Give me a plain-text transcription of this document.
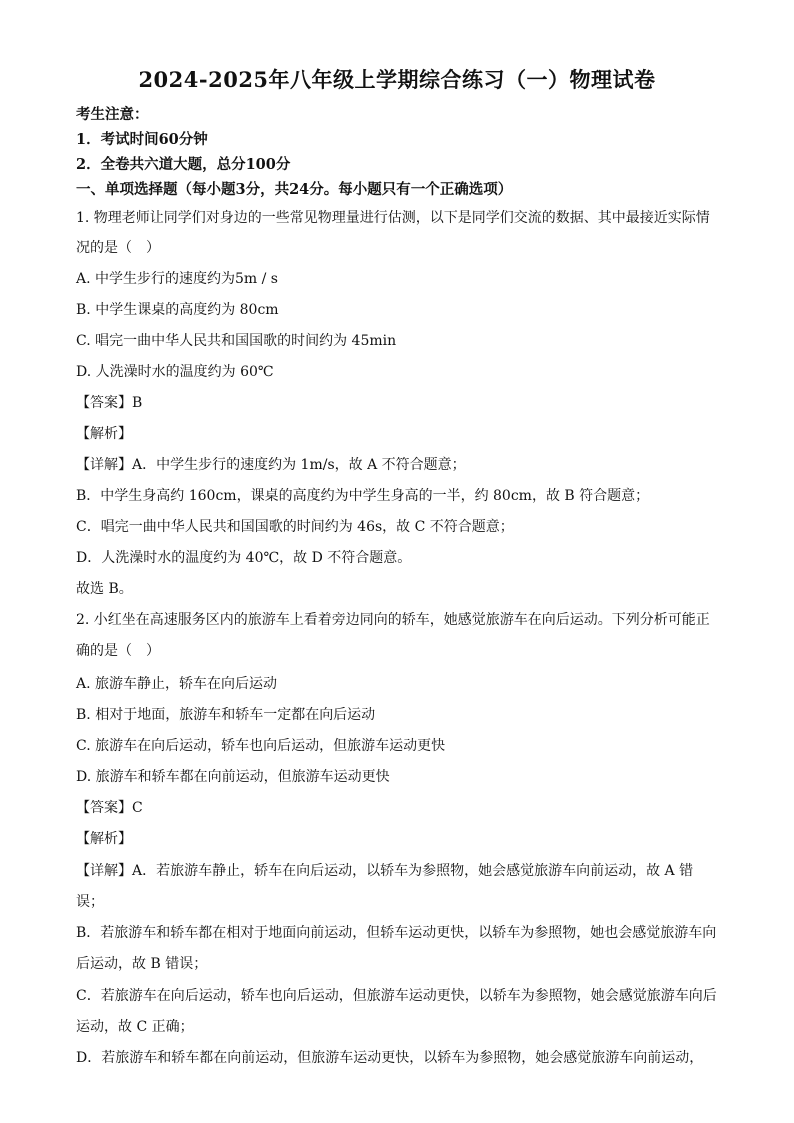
2024-2025年八年级上学期综合练习（一）物理试卷
考生注意：
1．考试时间60分钟
2．全卷共六道大题，总分100分
一、单项选择题（每小题3分，共24分。每小题只有一个正确选项）
1. 物理老师让同学们对身边的一些常见物理量进行估测，以下是同学们交流的数据、其中最接近实际情
况的是（　）
A. 中学生步行的速度约为5m / s
B. 中学生课桌的高度约为 80cm
C. 唱完一曲中华人民共和国国歌的时间约为 45min
D. 人洗澡时水的温度约为 60℃
【答案】B
【解析】
【详解】A．中学生步行的速度约为 1m/s，故 A 不符合题意；
B．中学生身高约 160cm，课桌的高度约为中学生身高的一半，约 80cm，故 B 符合题意；
C．唱完一曲中华人民共和国国歌的时间约为 46s，故 C 不符合题意；
D．人洗澡时水的温度约为 40℃，故 D 不符合题意。
故选 B。
2. 小红坐在高速服务区内的旅游车上看着旁边同向的轿车，她感觉旅游车在向后运动。下列分析可能正
确的是（　）
A. 旅游车静止，轿车在向后运动
B. 相对于地面，旅游车和轿车一定都在向后运动
C. 旅游车在向后运动，轿车也向后运动，但旅游车运动更快
D. 旅游车和轿车都在向前运动，但旅游车运动更快
【答案】C
【解析】
【详解】A．若旅游车静止，轿车在向后运动，以轿车为参照物，她会感觉旅游车向前运动，故 A 错
误；
B．若旅游车和轿车都在相对于地面向前运动，但轿车运动更快，以轿车为参照物，她也会感觉旅游车向
后运动，故 B 错误；
C．若旅游车在向后运动，轿车也向后运动，但旅游车运动更快，以轿车为参照物，她会感觉旅游车向后
运动，故 C 正确；
D．若旅游车和轿车都在向前运动，但旅游车运动更快，以轿车为参照物，她会感觉旅游车向前运动，
